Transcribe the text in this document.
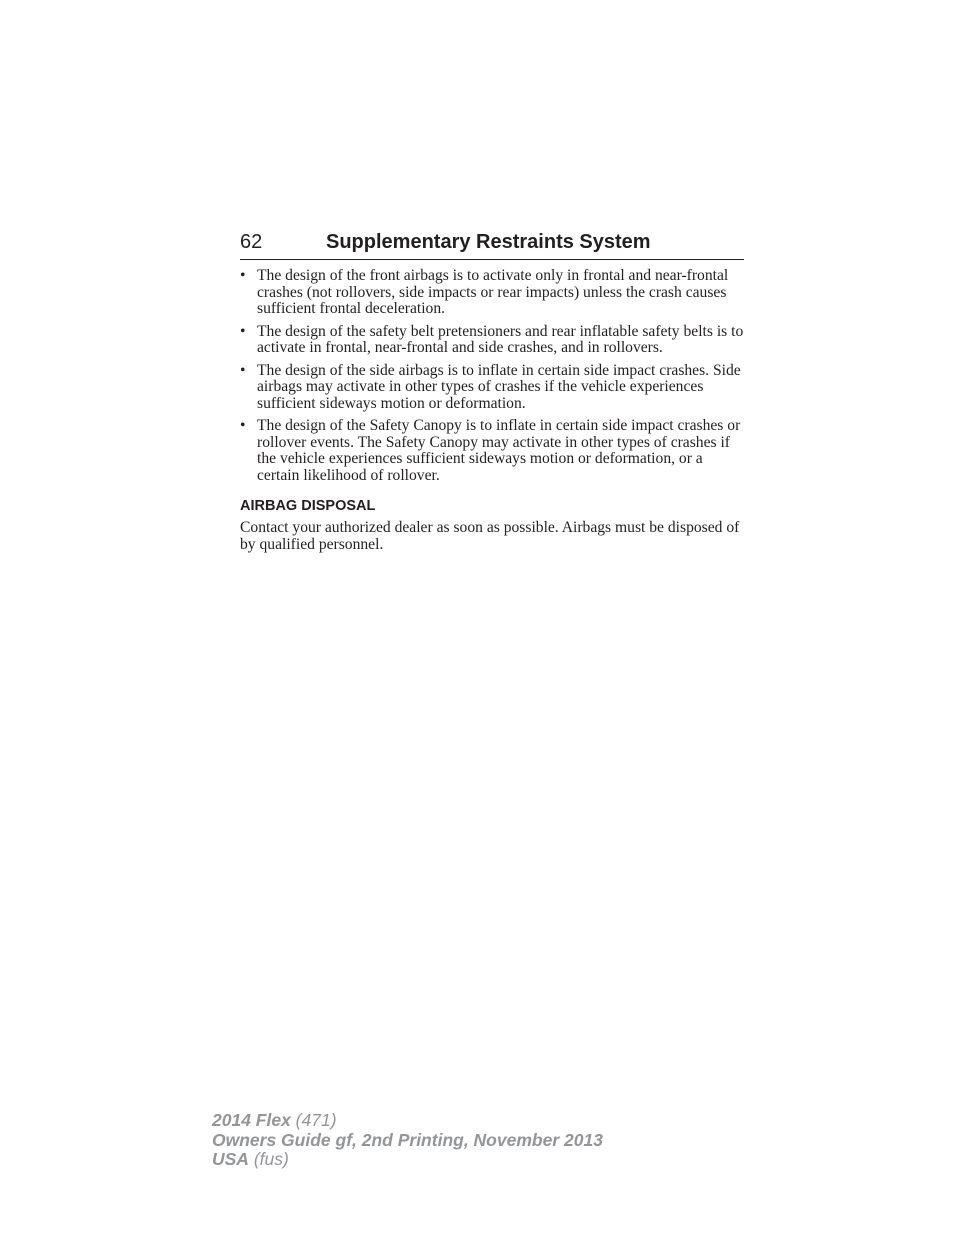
62	Supplementary Restraints System
• The design of the front airbags is to activate only in frontal and near-frontal crashes (not rollovers, side impacts or rear impacts) unless the crash causes sufficient frontal deceleration.
• The design of the safety belt pretensioners and rear inflatable safety belts is to activate in frontal, near-frontal and side crashes, and in rollovers.
• The design of the side airbags is to inflate in certain side impact crashes. Side airbags may activate in other types of crashes if the vehicle experiences sufficient sideways motion or deformation.
• The design of the Safety Canopy is to inflate in certain side impact crashes or rollover events. The Safety Canopy may activate in other types of crashes if the vehicle experiences sufficient sideways motion or deformation, or a certain likelihood of rollover.
AIRBAG DISPOSAL

Contact your authorized dealer as soon as possible. Airbags must be disposed of by qualified personnel.

2014 Flex (471)
Owners Guide gf, 2nd Printing, November 2013
USA (fus)
